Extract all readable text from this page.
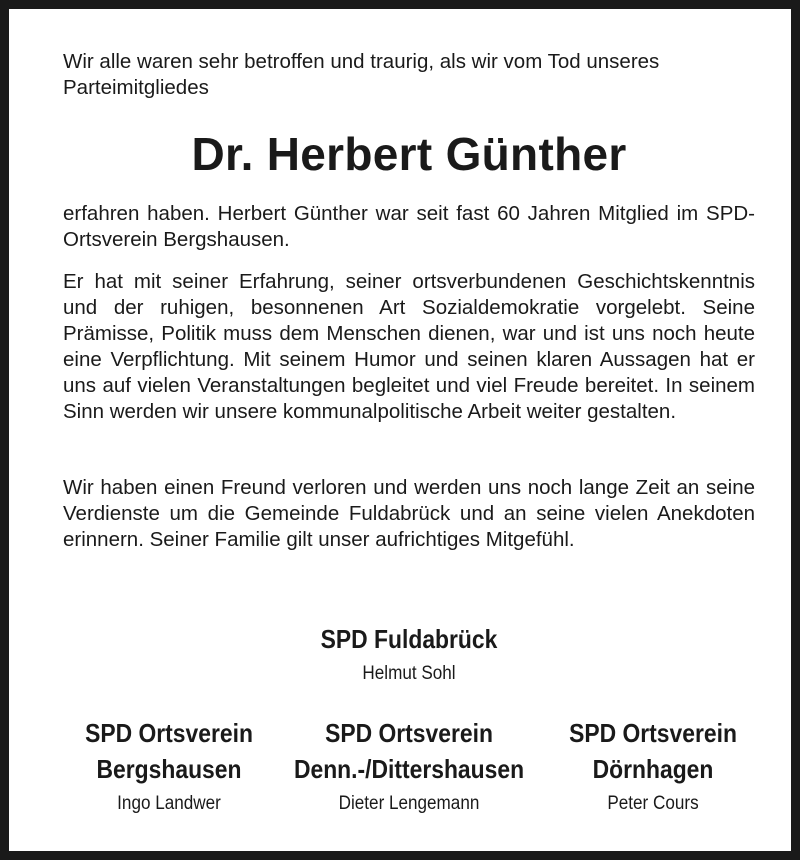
Wir alle waren sehr betroffen und traurig, als wir vom Tod unseres Parteimitgliedes

Dr. Herbert Günther

erfahren haben. Herbert Günther war seit fast 60 Jahren Mitglied im SPD-Ortsverein Bergshausen.

Er hat mit seiner Erfahrung, seiner ortsverbundenen Geschichtskenntnis und der ruhigen, besonnenen Art Sozialdemokratie vorgelebt. Seine Prämisse, Politik muss dem Menschen dienen, war und ist uns noch heute eine Verpflichtung. Mit seinem Humor und seinen klaren Aussagen hat er uns auf vielen Veranstaltungen begleitet und viel Freude bereitet. In seinem Sinn werden wir unsere kommunalpolitische Arbeit weiter gestalten.

Wir haben einen Freund verloren und werden uns noch lange Zeit an seine Verdienste um die Gemeinde Fuldabrück und an seine vielen Anekdoten erinnern. Seiner Familie gilt unser aufrichtiges Mitgefühl.

SPD Fuldabrück

Helmut Sohl

SPD Ortsverein

Bergshausen

Ingo Landwer

SPD Ortsverein

Denn.-/Dittershausen

Dieter Lengemann

SPD Ortsverein

Dörnhagen

Peter Cours
